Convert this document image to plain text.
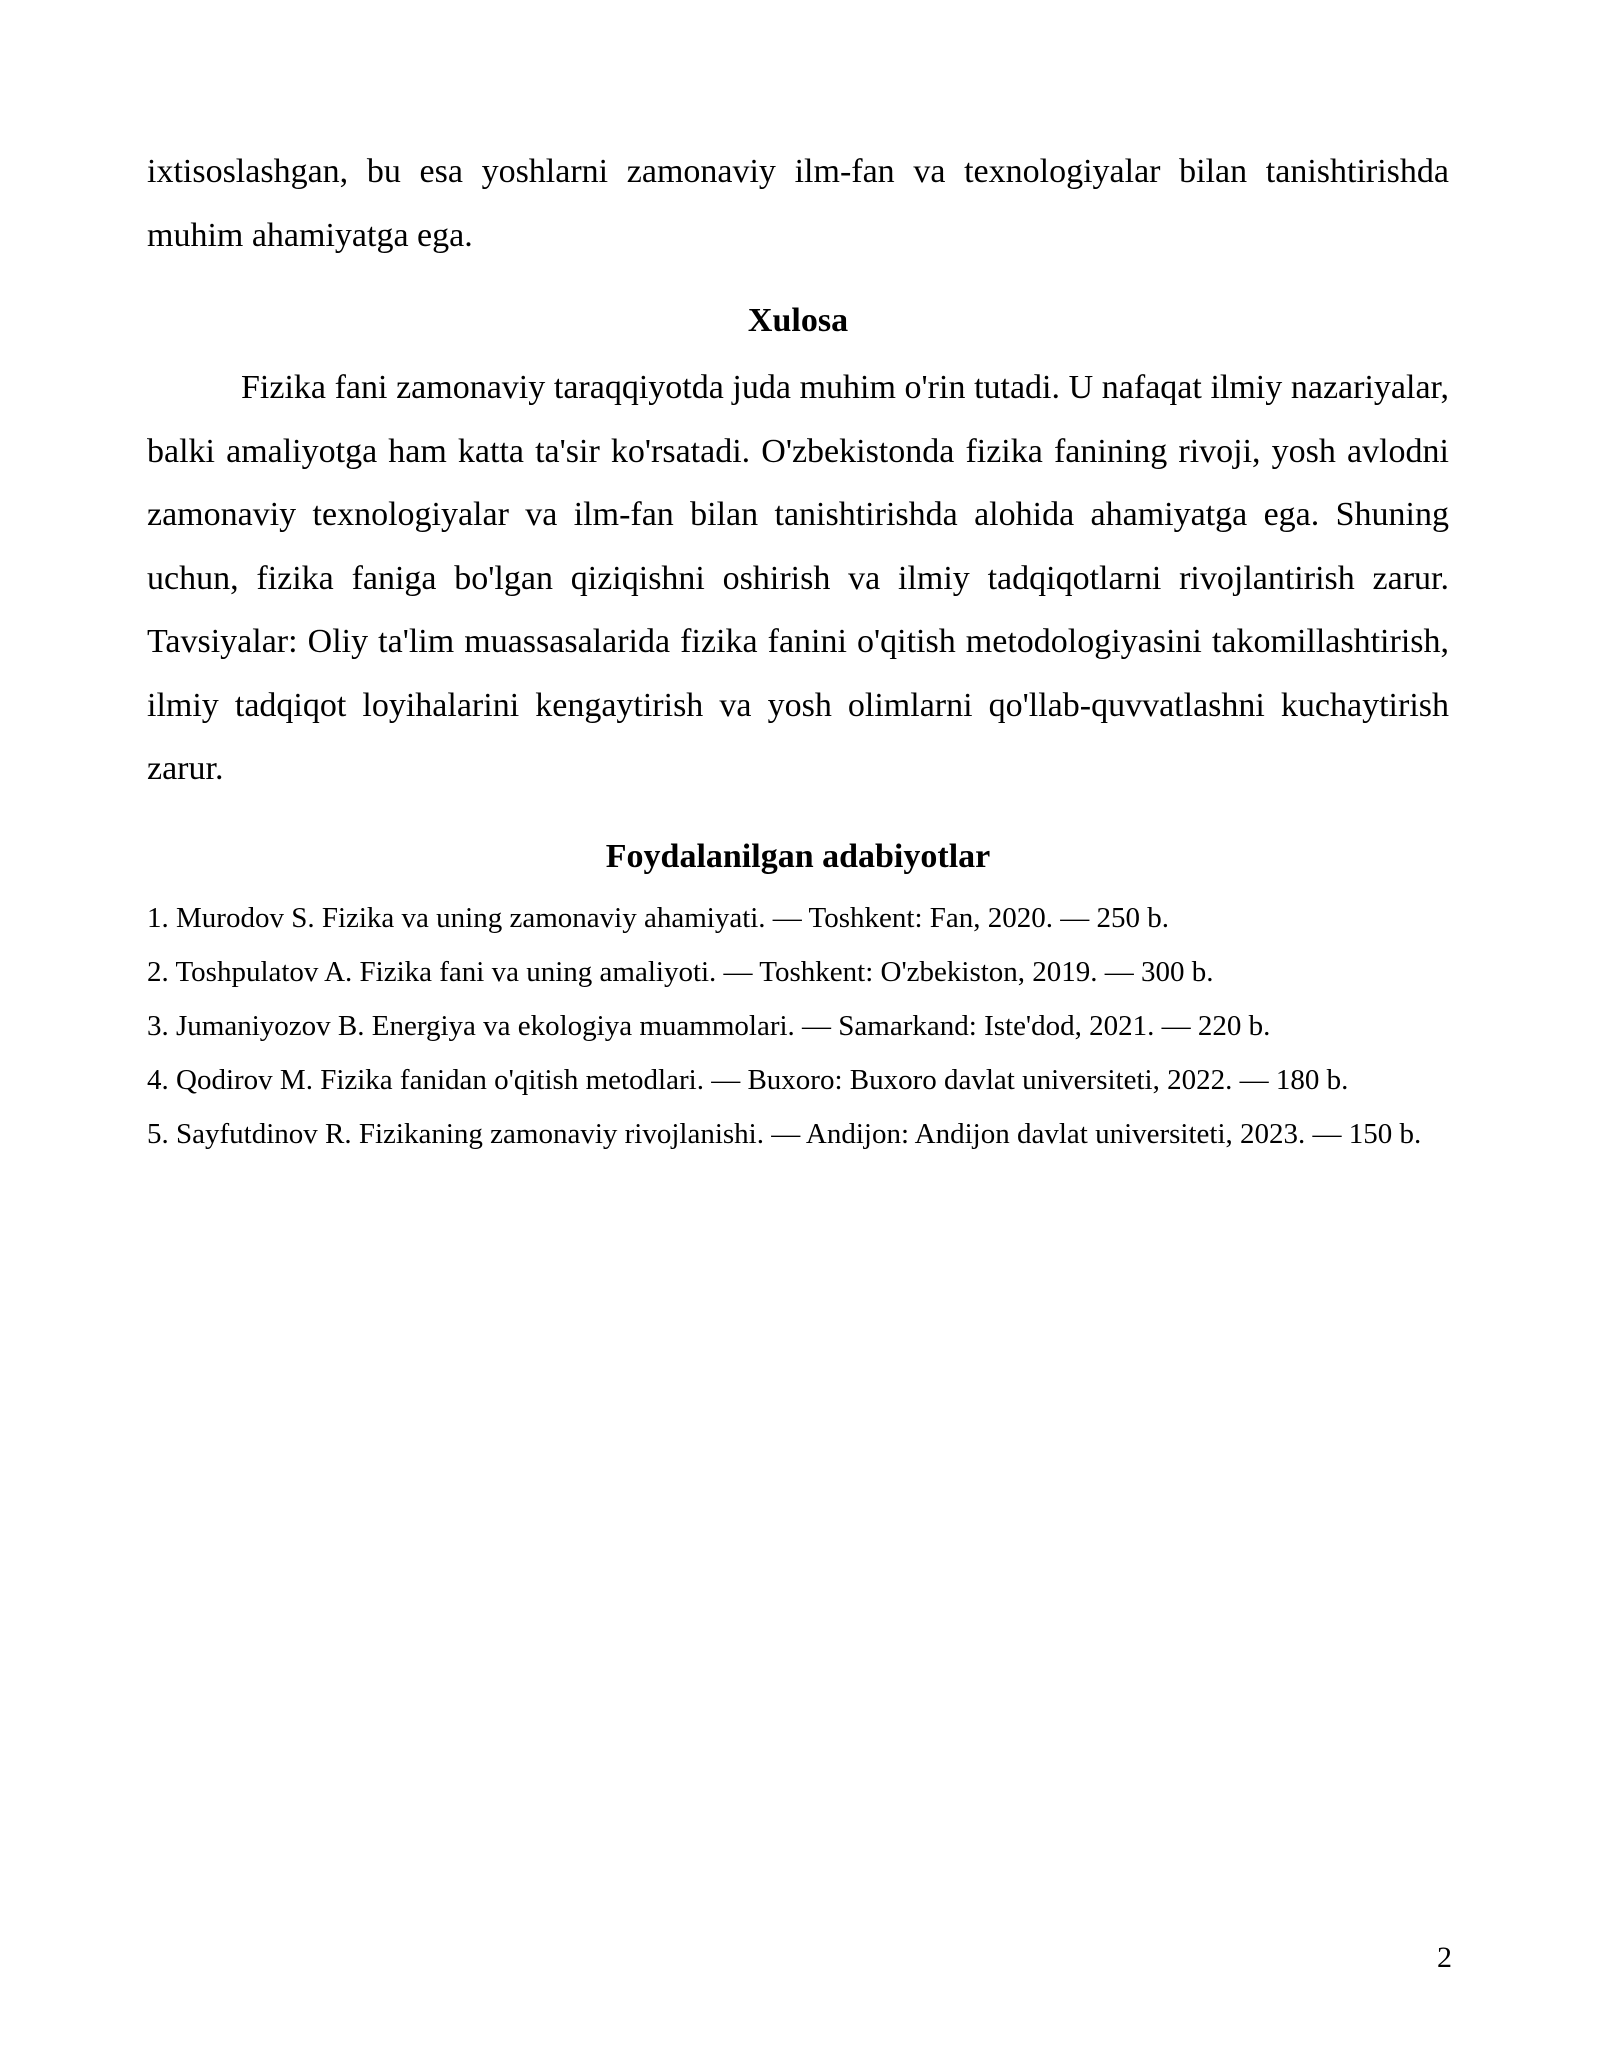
ixtisoslashgan, bu esa yoshlarni zamonaviy ilm-fan va texnologiyalar bilan tanishtirishda muhim ahamiyatga ega.

Xulosa

Fizika fani zamonaviy taraqqiyotda juda muhim o'rin tutadi. U nafaqat ilmiy nazariyalar, balki amaliyotga ham katta ta'sir ko'rsatadi. O'zbekistonda fizika fanining rivoji, yosh avlodni zamonaviy texnologiyalar va ilm-fan bilan tanishtirishda alohida ahamiyatga ega. Shuning uchun, fizika faniga bo'lgan qiziqishni oshirish va ilmiy tadqiqotlarni rivojlantirish zarur. Tavsiyalar: Oliy ta'lim muassasalarida fizika fanini o'qitish metodologiyasini takomillashtirish, ilmiy tadqiqot loyihalarini kengaytirish va yosh olimlarni qo'llab-quvvatlashni kuchaytirish zarur.

Foydalanilgan adabiyotlar
1. Murodov S. Fizika va uning zamonaviy ahamiyati. — Toshkent: Fan, 2020. — 250 b.
2. Toshpulatov A. Fizika fani va uning amaliyoti. — Toshkent: O'zbekiston, 2019. — 300 b.
3. Jumaniyozov B. Energiya va ekologiya muammolari. — Samarkand: Iste'dod, 2021. — 220 b.
4. Qodirov M. Fizika fanidan o'qitish metodlari. — Buxoro: Buxoro davlat universiteti, 2022. — 180 b.
5. Sayfutdinov R. Fizikaning zamonaviy rivojlanishi. — Andijon: Andijon davlat universiteti, 2023. — 150 b.
2
